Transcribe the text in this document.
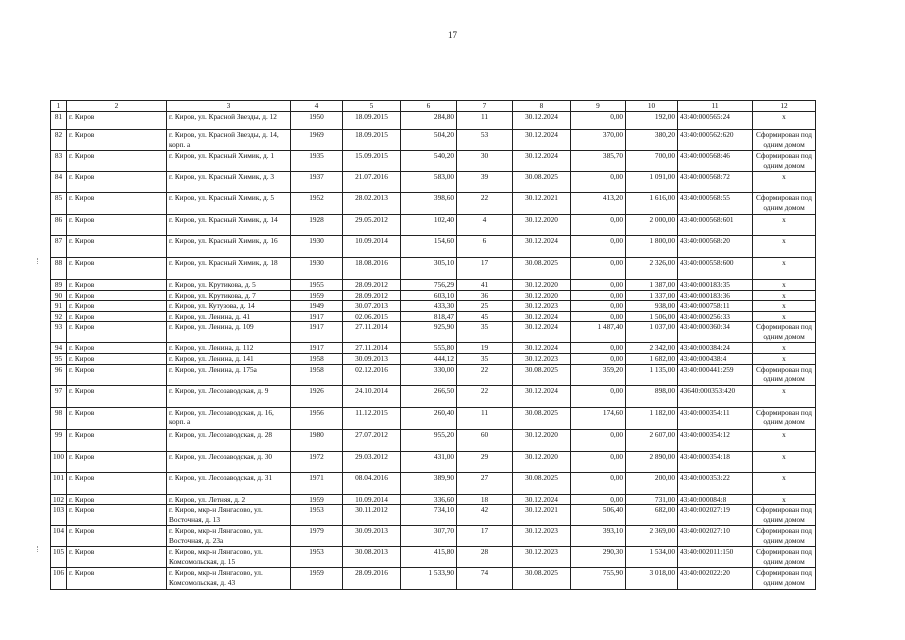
17
1	2	3	4	5	6	7	8	9	10	11	12
81	г. Киров	г. Киров, ул. Красной Звезды, д. 12	1950	18.09.2015	284,80	11	30.12.2024	0,00	192,00	43:40:000565:24	x
82	г. Киров	г. Киров, ул. Красной Звезды, д. 14, корп. а	1969	18.09.2015	504,20	53	30.12.2024	370,00	380,20	43:40:000562:620	Сформирован под одним домом
83	г. Киров	г. Киров, ул. Красный Химик, д. 1	1935	15.09.2015	540,20	30	30.12.2024	385,70	700,00	43:40:000568:46	Сформирован под одним домом
84	г. Киров	г. Киров, ул. Красный Химик, д. 3	1937	21.07.2016	583,00	39	30.08.2025	0,00	1 091,00	43:40:000568:72	x
85	г. Киров	г. Киров, ул. Красный Химик, д. 5	1952	28.02.2013	398,60	22	30.12.2021	413,20	1 616,00	43:40:000568:55	Сформирован под одним домом
86	г. Киров	г. Киров, ул. Красный Химик, д. 14	1928	29.05.2012	102,40	4	30.12.2020	0,00	2 000,00	43:40:000568:601	x
87	г. Киров	г. Киров, ул. Красный Химик, д. 16	1930	10.09.2014	154,60	6	30.12.2024	0,00	1 800,00	43:40:000568:20	x
88	г. Киров	г. Киров, ул. Красный Химик, д. 18	1930	18.08.2016	305,10	17	30.08.2025	0,00	2 326,00	43:40:000558:600	x
89	г. Киров	г. Киров, ул. Крутикова, д. 5	1955	28.09.2012	756,29	41	30.12.2020	0,00	1 387,00	43:40:000183:35	x
90	г. Киров	г. Киров, ул. Крутикова, д. 7	1959	28.09.2012	603,10	36	30.12.2020	0,00	1 337,00	43:40:000183:36	x
91	г. Киров	г. Киров, ул. Кутузова, д. 14	1949	30.07.2013	433,30	25	30.12.2023	0,00	938,00	43:40:000758:11	x
92	г. Киров	г. Киров, ул. Ленина, д. 41	1917	02.06.2015	818,47	45	30.12.2024	0,00	1 506,00	43:40:000256:33	x
93	г. Киров	г. Киров, ул. Ленина, д. 109	1917	27.11.2014	925,90	35	30.12.2024	1 487,40	1 037,00	43:40:000360:34	Сформирован под одним домом
94	г. Киров	г. Киров, ул. Ленина, д. 112	1917	27.11.2014	555,80	19	30.12.2024	0,00	2 342,00	43:40:000384:24	x
95	г. Киров	г. Киров, ул. Ленина, д. 141	1958	30.09.2013	444,12	35	30.12.2023	0,00	1 682,00	43:40:000438:4	x
96	г. Киров	г. Киров, ул. Ленина, д. 175а	1958	02.12.2016	330,00	22	30.08.2025	359,20	1 135,00	43:40:000441:259	Сформирован под одним домом
97	г. Киров	г. Киров, ул. Лесозаводская, д. 9	1926	24.10.2014	266,50	22	30.12.2024	0,00	898,00	43640:000353:420	x
98	г. Киров	г. Киров, ул. Лесозаводская, д. 16, корп. а	1956	11.12.2015	260,40	11	30.08.2025	174,60	1 182,00	43:40:000354:11	Сформирован под одним домом
99	г. Киров	г. Киров, ул. Лесозаводская, д. 28	1980	27.07.2012	955,20	60	30.12.2020	0,00	2 607,00	43:40:000354:12	x
100	г. Киров	г. Киров, ул. Лесозаводская, д. 30	1972	29.03.2012	431,00	29	30.12.2020	0,00	2 890,00	43:40:000354:18	x
101	г. Киров	г. Киров, ул. Лесозаводская, д. 31	1971	08.04.2016	389,90	27	30.08.2025	0,00	200,00	43:40:000353:22	x
102	г. Киров	г. Киров, ул. Летняя, д. 2	1959	10.09.2014	336,60	18	30.12.2024	0,00	731,00	43:40:000084:8	x
103	г. Киров	г. Киров, мкр-н Лянгасово, ул. Восточная, д. 13	1953	30.11.2012	734,10	42	30.12.2021	506,40	682,00	43:40:002027:19	Сформирован под одним домом
104	г. Киров	г. Киров, мкр-н Лянгасово, ул. Восточная, д. 23а	1979	30.09.2013	307,70	17	30.12.2023	393,10	2 369,00	43:40:002027:10	Сформирован под одним домом
105	г. Киров	г. Киров, мкр-н Лянгасово, ул. Комсомольская, д. 15	1953	30.08.2013	415,80	28	30.12.2023	290,30	1 534,00	43:40:002011:150	Сформирован под одним домом
106	г. Киров	г. Киров, мкр-н Лянгасово, ул. Комсомольская, д. 43	1959	28.09.2016	1 533,90	74	30.08.2025	755,90	3 018,00	43:40:002022:20	Сформирован под одним домом
